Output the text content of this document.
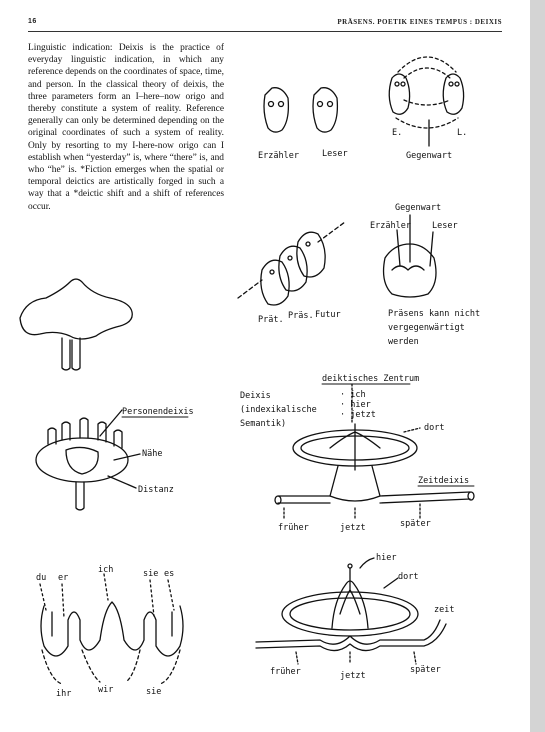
16	PRÄSENS. POETIK EINES TEMPUS : DEIXIS
Linguistic indication: Deixis is the practice of everyday linguistic indication, in which any reference depends on the coordinates of space, time, and person. In the classical theory of deixis, the three parameters form an I–here–now origo and thereby constitute a system of reality. Reference generally can only be determined depending on the original coordinates of such a system of reality. Only by resorting to my I-here-now origo can I establish when “yesterday” is, where “there” is, and who “he” is. *Fiction emerges when the spatial or temporal deictics are artistically forged in such a way that a *deictic shift and a shift of references occur.
Erzähler	Leser
E.	L.
Gegenwart
Prät. Präs. Futur
Gegenwart
Erzähler Leser
Präsens kann nicht
vergegenwärtigt
werden
Personendeixis
Nähe
Distanz
du er
ich	sie es
ihr	wir	sie
Deixis
(indexikalische
Semantik)
deiktisches Zentrum
· ich
· hier
· jetzt
dort
Zeitdeixis
früher	jetzt	später
hier
dort
zeit
früher	jetzt
später
